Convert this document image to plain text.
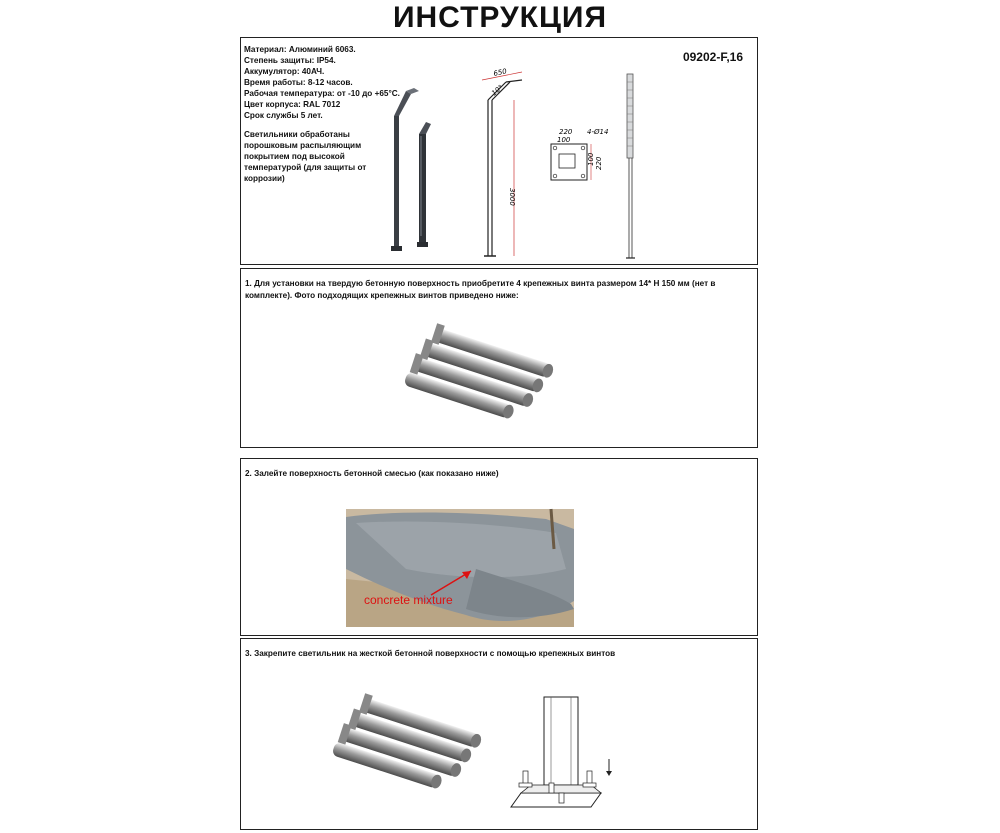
ИНСТРУКЦИЯ
Материал: Алюминий 6063.
Степень защиты: IP54.
Аккумулятор: 40АЧ.
Время работы: 8-12 часов.
Рабочая температура: от -10 до +65°C.
Цвет корпуса: RAL 7012
Срок службы 5 лет.
Светильники обработаны порошковым распыляющим покрытием под высокой температурой (для защиты от коррозии)
09202-F,16
650
10°
3000
220
100
4-Ø14
100 220
1. Для установки на твердую бетонную поверхность приобретите 4 крепежных винта размером 14* Н 150 мм (нет в комплекте). Фото подходящих крепежных винтов приведено ниже:
2. Залейте поверхность бетонной смесью (как показано ниже)
concrete mixture
3. Закрепите светильник на жесткой бетонной поверхности с помощью крепежных винтов
